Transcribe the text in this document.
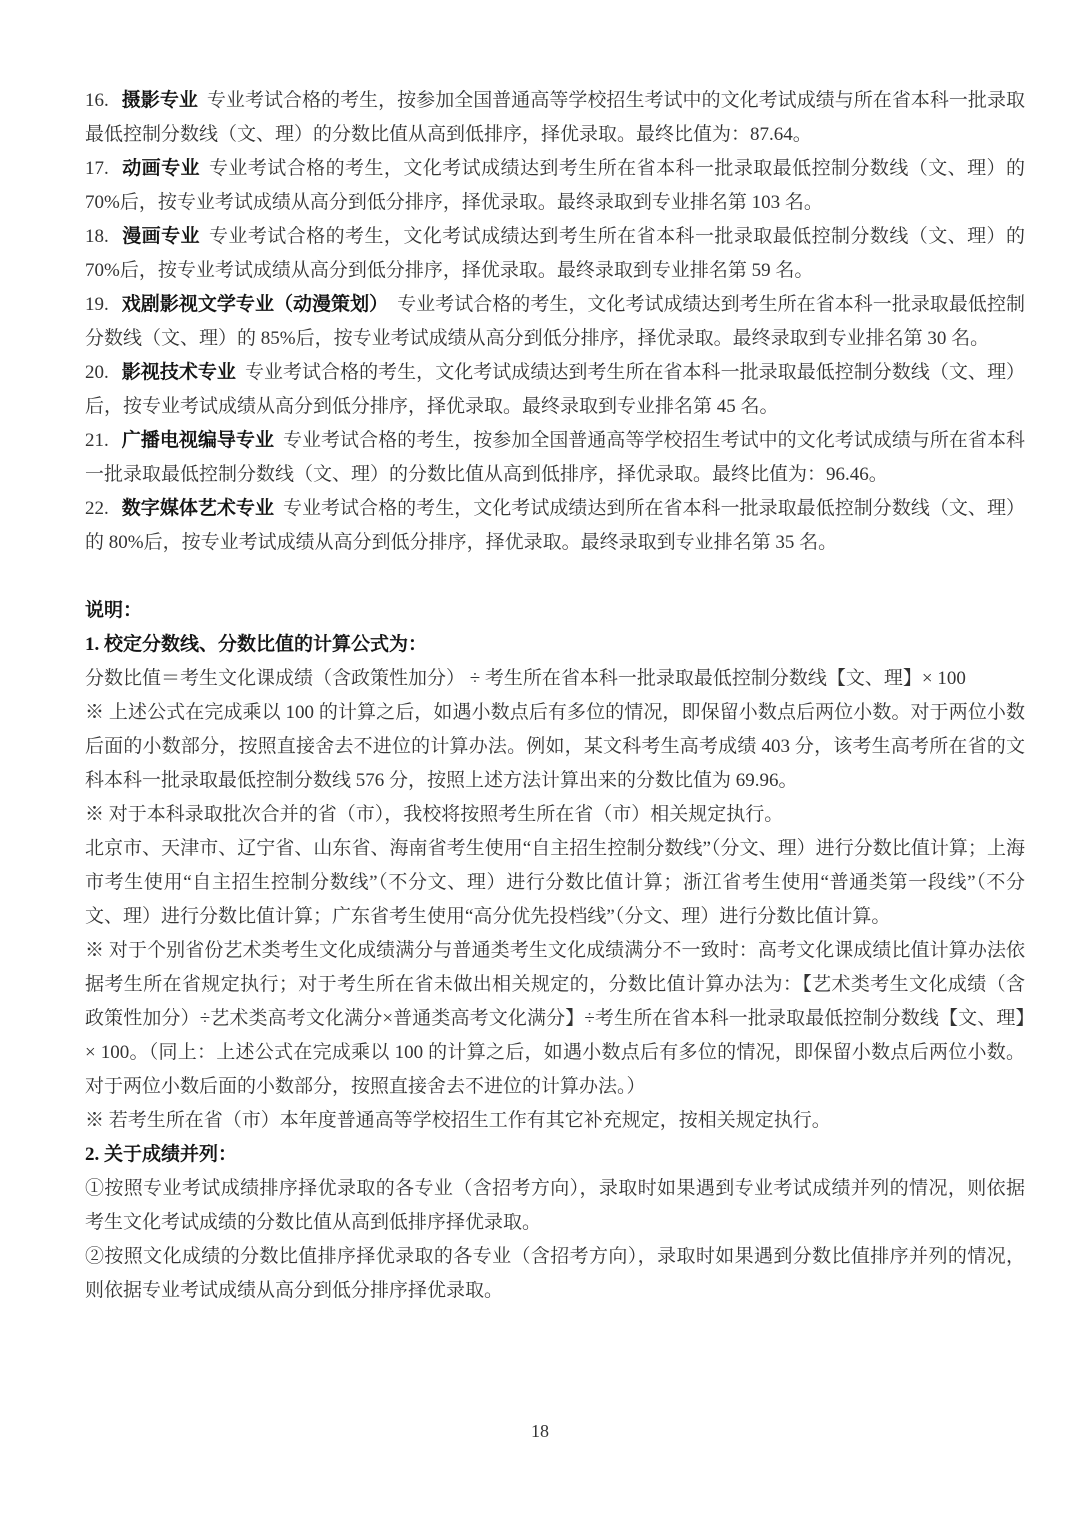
16. 摄影专业 专业考试合格的考生，按参加全国普通高等学校招生考试中的文化考试成绩与所在省本科一批录取最低控制分数线（文、理）的分数比值从高到低排序，择优录取。最终比值为：87.64。

17. 动画专业 专业考试合格的考生，文化考试成绩达到考生所在省本科一批录取最低控制分数线（文、理）的 70%后，按专业考试成绩从高分到低分排序，择优录取。最终录取到专业排名第 103 名。

18. 漫画专业 专业考试合格的考生，文化考试成绩达到考生所在省本科一批录取最低控制分数线（文、理）的 70%后，按专业考试成绩从高分到低分排序，择优录取。最终录取到专业排名第 59 名。

19. 戏剧影视文学专业（动漫策划） 专业考试合格的考生，文化考试成绩达到考生所在省本科一批录取最低控制分数线（文、理）的 85%后，按专业考试成绩从高分到低分排序，择优录取。最终录取到专业排名第 30 名。

20. 影视技术专业 专业考试合格的考生，文化考试成绩达到考生所在省本科一批录取最低控制分数线（文、理）后，按专业考试成绩从高分到低分排序，择优录取。最终录取到专业排名第 45 名。

21. 广播电视编导专业 专业考试合格的考生，按参加全国普通高等学校招生考试中的文化考试成绩与所在省本科一批录取最低控制分数线（文、理）的分数比值从高到低排序，择优录取。最终比值为：96.46。

22. 数字媒体艺术专业 专业考试合格的考生，文化考试成绩达到所在省本科一批录取最低控制分数线（文、理）的 80%后，按专业考试成绩从高分到低分排序，择优录取。最终录取到专业排名第 35 名。

说明：

1. 校定分数线、分数比值的计算公式为：

分数比值＝考生文化课成绩（含政策性加分） ÷ 考生所在省本科一批录取最低控制分数线【文、理】× 100

※ 上述公式在完成乘以 100 的计算之后，如遇小数点后有多位的情况，即保留小数点后两位小数。对于两位小数后面的小数部分，按照直接舍去不进位的计算办法。例如，某文科考生高考成绩 403 分，该考生高考所在省的文科本科一批录取最低控制分数线 576 分，按照上述方法计算出来的分数比值为 69.96。

※ 对于本科录取批次合并的省（市），我校将按照考生所在省（市）相关规定执行。

北京市、天津市、辽宁省、山东省、海南省考生使用“自主招生控制分数线”（分文、理）进行分数比值计算；上海市考生使用“自主招生控制分数线”（不分文、理）进行分数比值计算；浙江省考生使用“普通类第一段线”（不分文、理）进行分数比值计算；广东省考生使用“高分优先投档线”（分文、理）进行分数比值计算。

※ 对于个别省份艺术类考生文化成绩满分与普通类考生文化成绩满分不一致时：高考文化课成绩比值计算办法依据考生所在省规定执行；对于考生所在省未做出相关规定的，分数比值计算办法为：【艺术类考生文化成绩（含政策性加分）÷艺术类高考文化满分×普通类高考文化满分】÷考生所在省本科一批录取最低控制分数线【文、理】× 100。（同上：上述公式在完成乘以 100 的计算之后，如遇小数点后有多位的情况，即保留小数点后两位小数。对于两位小数后面的小数部分，按照直接舍去不进位的计算办法。）

※ 若考生所在省（市）本年度普通高等学校招生工作有其它补充规定，按相关规定执行。

2. 关于成绩并列：

①按照专业考试成绩排序择优录取的各专业（含招考方向），录取时如果遇到专业考试成绩并列的情况，则依据考生文化考试成绩的分数比值从高到低排序择优录取。

②按照文化成绩的分数比值排序择优录取的各专业（含招考方向），录取时如果遇到分数比值排序并列的情况，则依据专业考试成绩从高分到低分排序择优录取。

18
